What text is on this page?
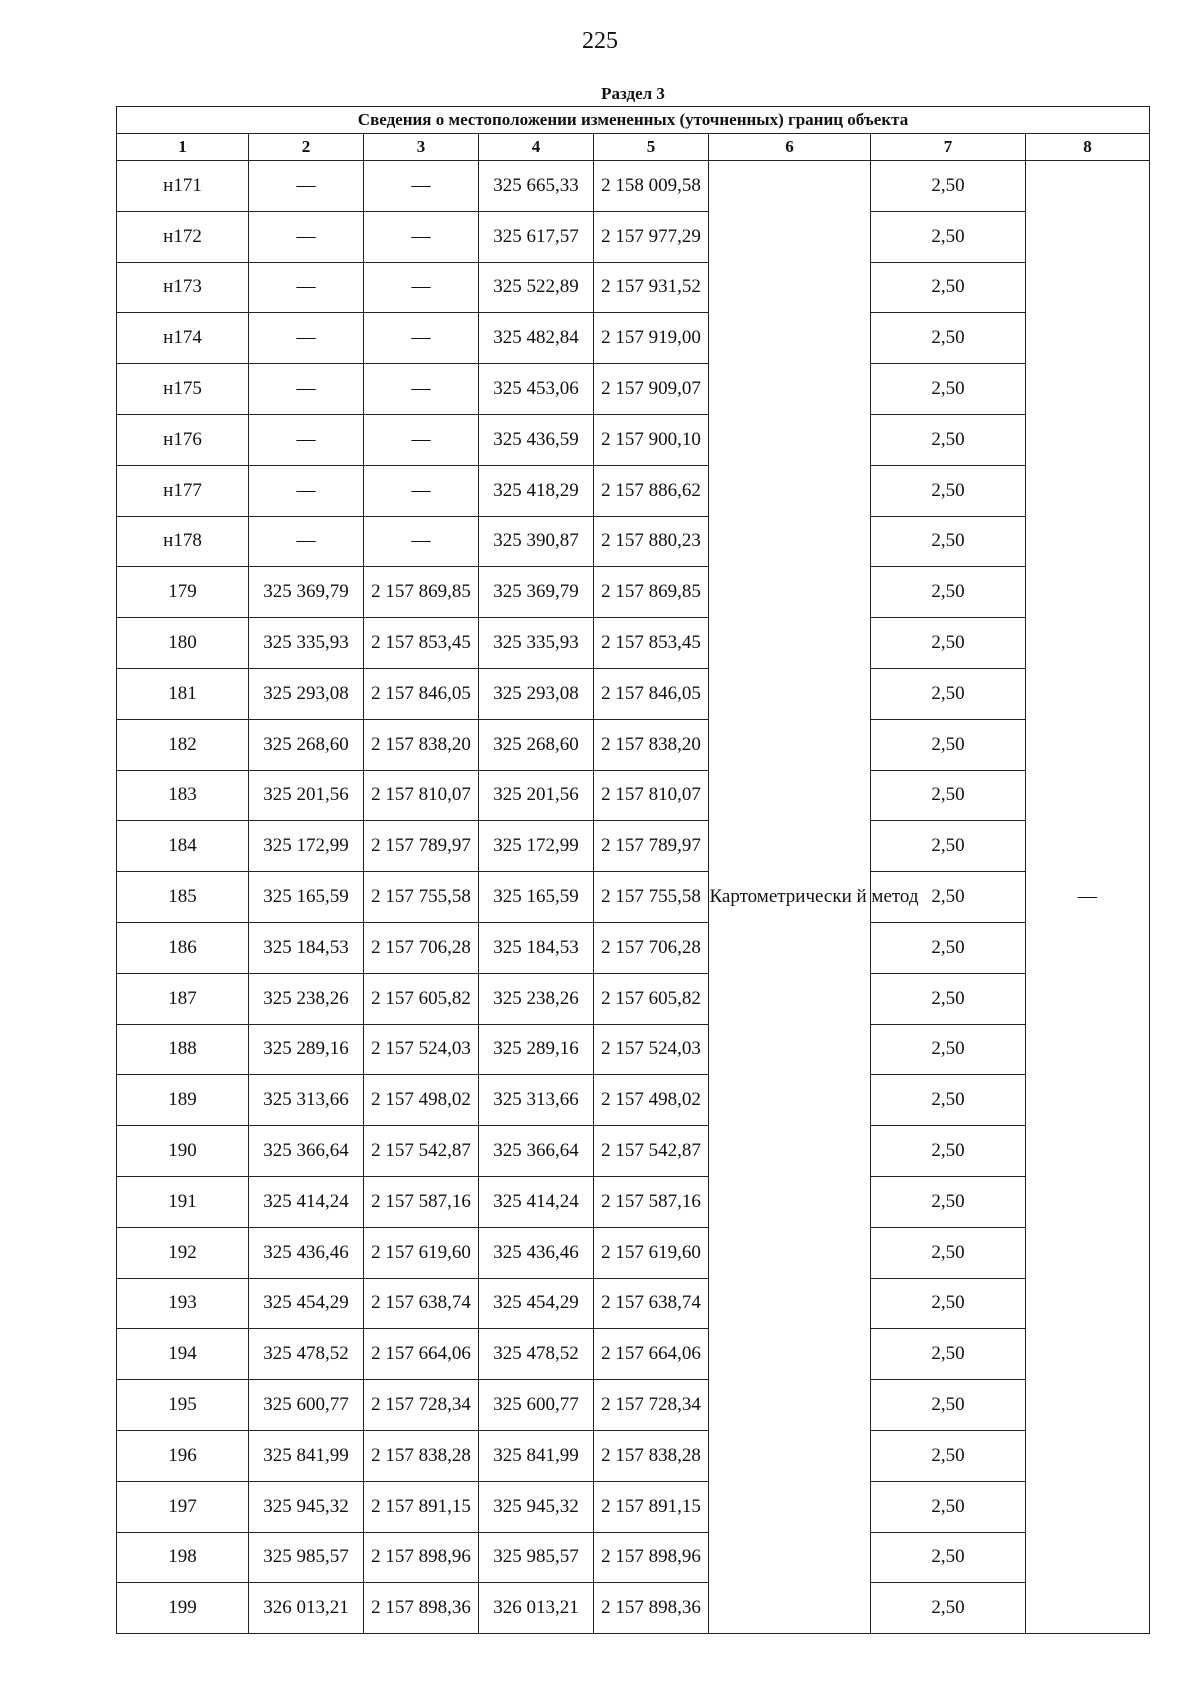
225
Раздел 3							
Сведения о местоположении измененных (уточненных) границ объекта							
1	2	3	4	5	6	7	8
н171	—	—	325 665,33	2 158 009,58	Картометрически й метод	2,50	—
н172	—	—	325 617,57	2 157 977,29		2,50	
н173	—	—	325 522,89	2 157 931,52		2,50	
н174	—	—	325 482,84	2 157 919,00		2,50	
н175	—	—	325 453,06	2 157 909,07		2,50	
н176	—	—	325 436,59	2 157 900,10		2,50	
н177	—	—	325 418,29	2 157 886,62		2,50	
н178	—	—	325 390,87	2 157 880,23		2,50	
179	325 369,79	2 157 869,85	325 369,79	2 157 869,85		2,50	
180	325 335,93	2 157 853,45	325 335,93	2 157 853,45		2,50	
181	325 293,08	2 157 846,05	325 293,08	2 157 846,05		2,50	
182	325 268,60	2 157 838,20	325 268,60	2 157 838,20		2,50	
183	325 201,56	2 157 810,07	325 201,56	2 157 810,07		2,50	
184	325 172,99	2 157 789,97	325 172,99	2 157 789,97		2,50	
185	325 165,59	2 157 755,58	325 165,59	2 157 755,58		2,50	
186	325 184,53	2 157 706,28	325 184,53	2 157 706,28		2,50	
187	325 238,26	2 157 605,82	325 238,26	2 157 605,82		2,50	
188	325 289,16	2 157 524,03	325 289,16	2 157 524,03		2,50	
189	325 313,66	2 157 498,02	325 313,66	2 157 498,02		2,50	
190	325 366,64	2 157 542,87	325 366,64	2 157 542,87		2,50	
191	325 414,24	2 157 587,16	325 414,24	2 157 587,16		2,50	
192	325 436,46	2 157 619,60	325 436,46	2 157 619,60		2,50	
193	325 454,29	2 157 638,74	325 454,29	2 157 638,74		2,50	
194	325 478,52	2 157 664,06	325 478,52	2 157 664,06		2,50	
195	325 600,77	2 157 728,34	325 600,77	2 157 728,34		2,50	
196	325 841,99	2 157 838,28	325 841,99	2 157 838,28		2,50	
197	325 945,32	2 157 891,15	325 945,32	2 157 891,15		2,50	
198	325 985,57	2 157 898,96	325 985,57	2 157 898,96		2,50	
199	326 013,21	2 157 898,36	326 013,21	2 157 898,36		2,50	
